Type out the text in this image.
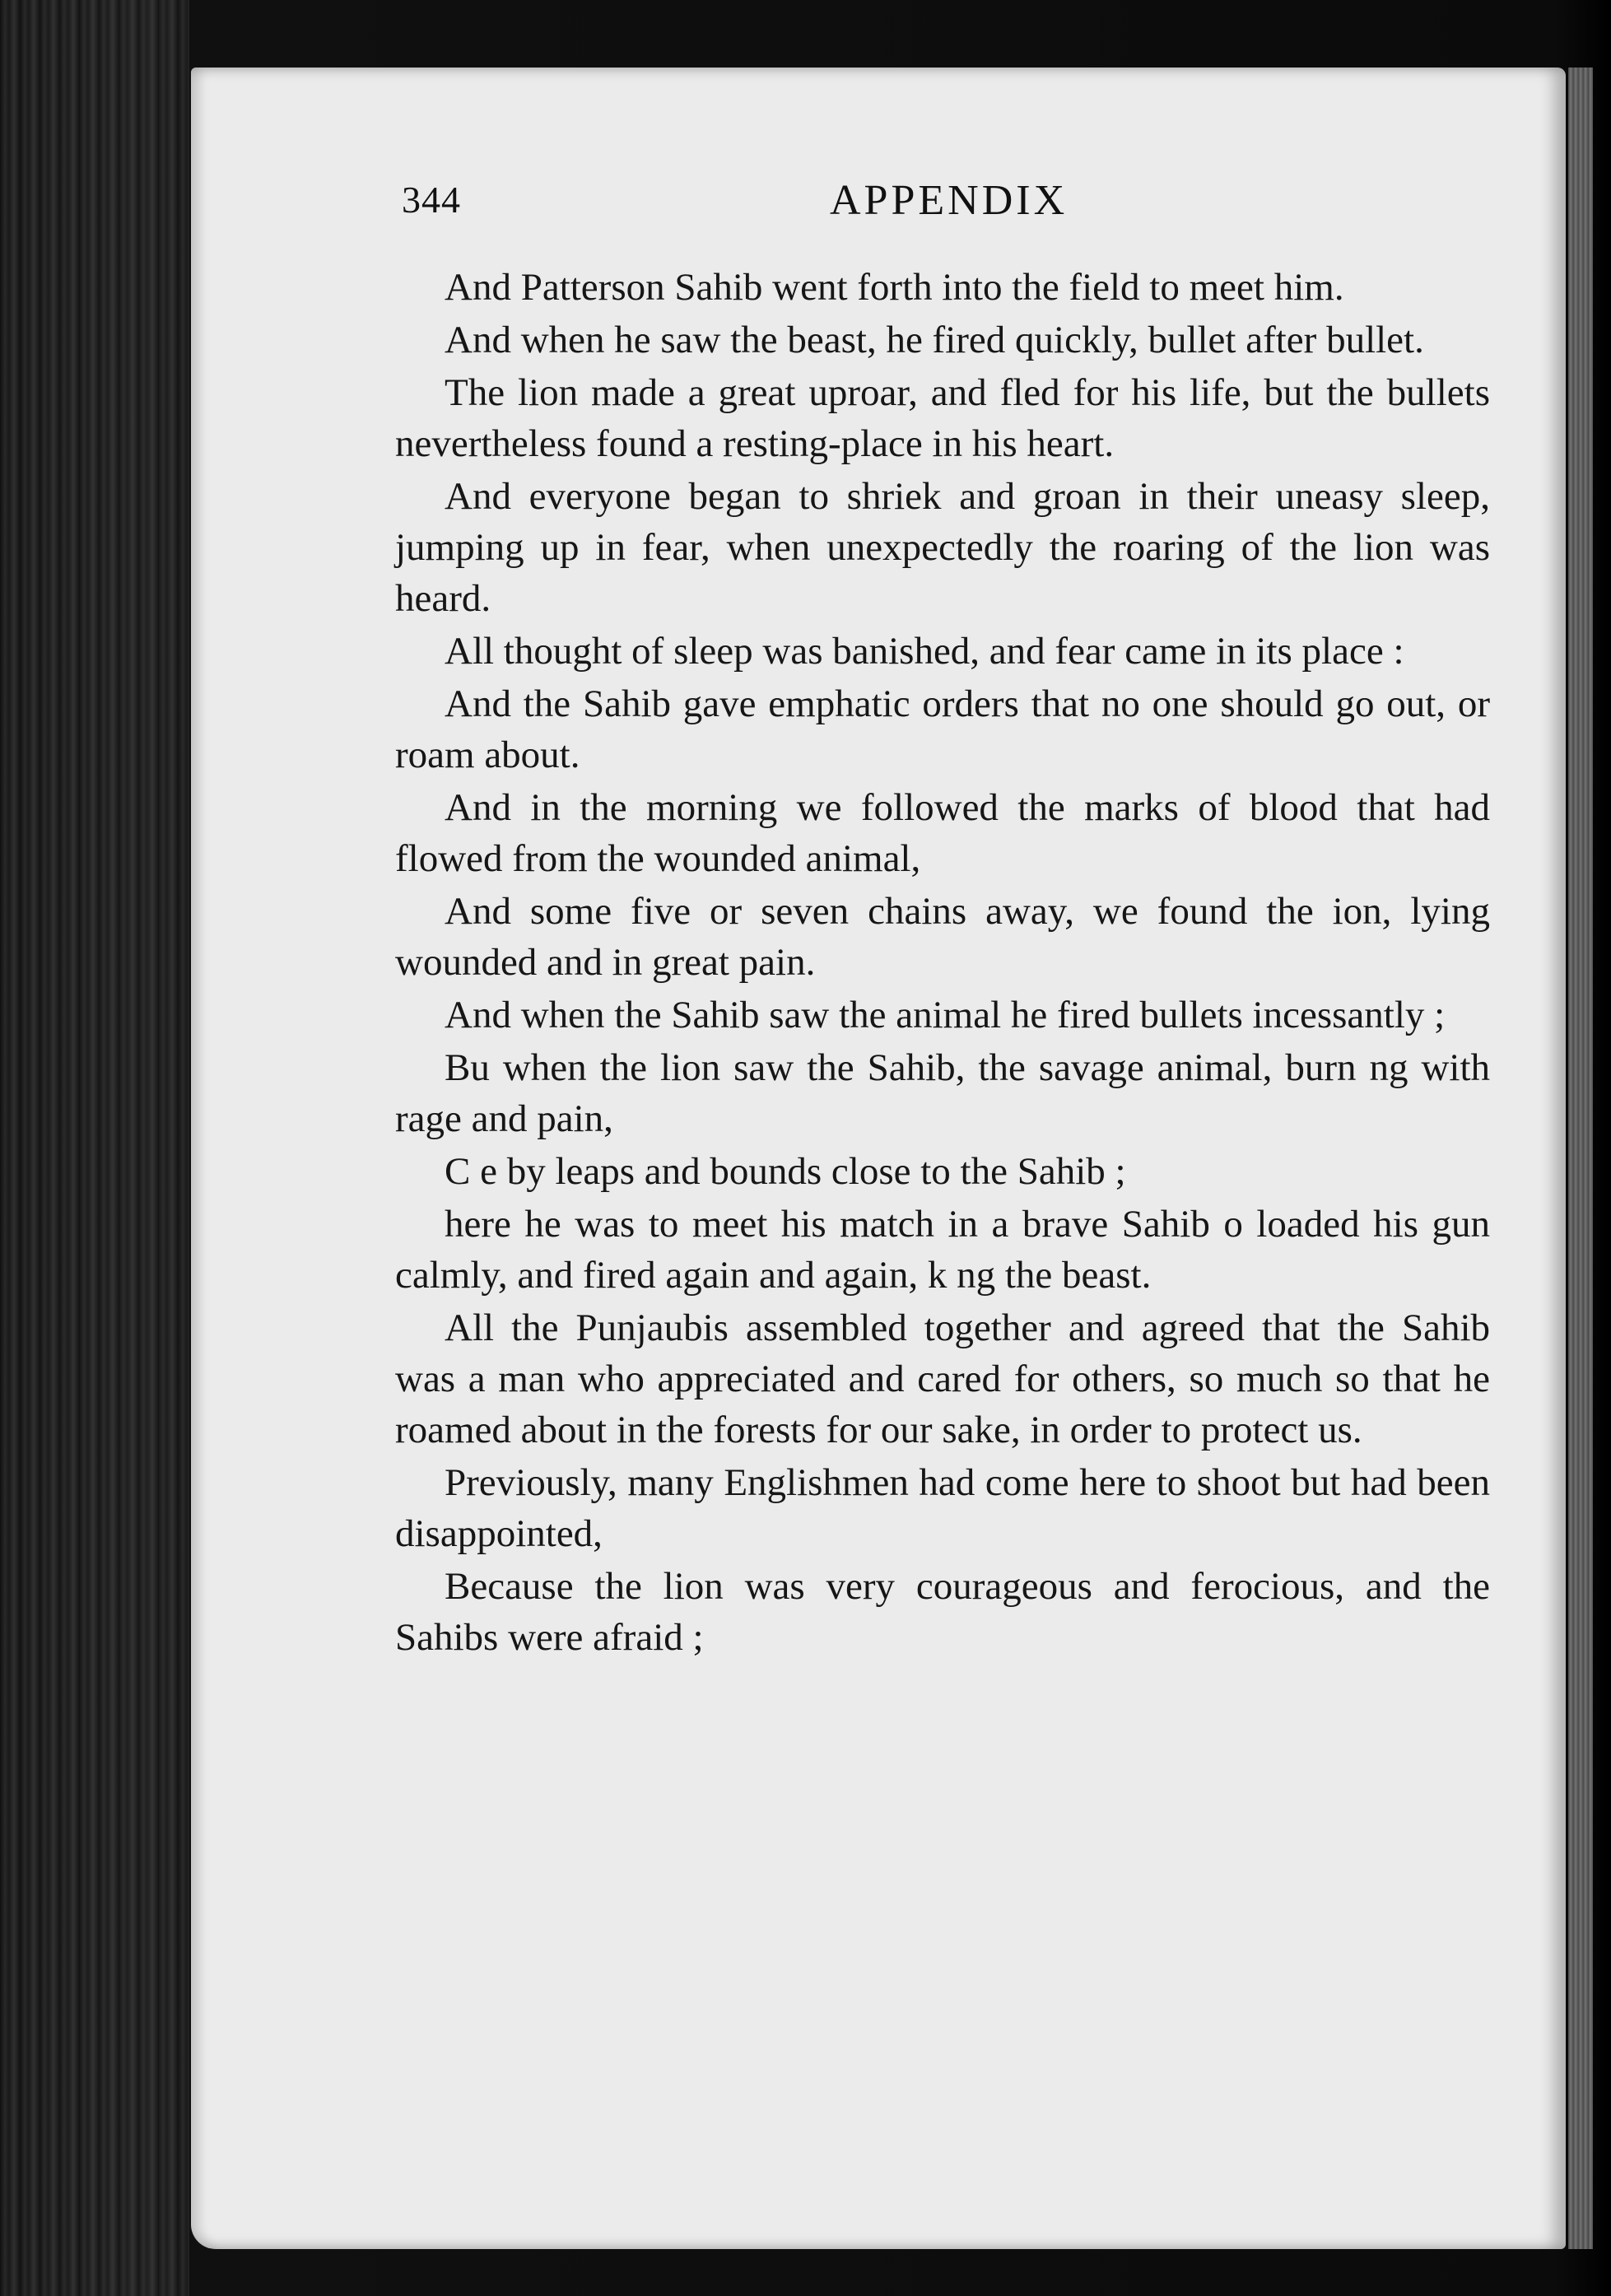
344	APPENDIX

And Patterson Sahib went forth into the field to meet him.

And when he saw the beast, he fired quickly, bullet after bullet.

The lion made a great uproar, and fled for his life, but the bullets nevertheless found a resting-place in his heart.

And everyone began to shriek and groan in their uneasy sleep, jumping up in fear, when unexpectedly the roaring of the lion was heard.

All thought of sleep was banished, and fear came in its place :

And the Sahib gave emphatic orders that no one should go out, or roam about.

And in the morning we followed the marks of blood that had flowed from the wounded animal,

And some five or seven chains away, we found the ion, lying wounded and in great pain.

And when the Sahib saw the animal he fired bullets incessantly ;

Bu when the lion saw the Sahib, the savage animal, burn ng with rage and pain,

C e by leaps and bounds close to the Sahib ;

here he was to meet his match in a brave Sahib o loaded his gun calmly, and fired again and again, k ng the beast.

All the Punjaubis assembled together and agreed that the Sahib was a man who appreciated and cared for others, so much so that he roamed about in the forests for our sake, in order to protect us.

Previously, many Englishmen had come here to shoot but had been disappointed,

Because the lion was very courageous and ferocious, and the Sahibs were afraid ;
